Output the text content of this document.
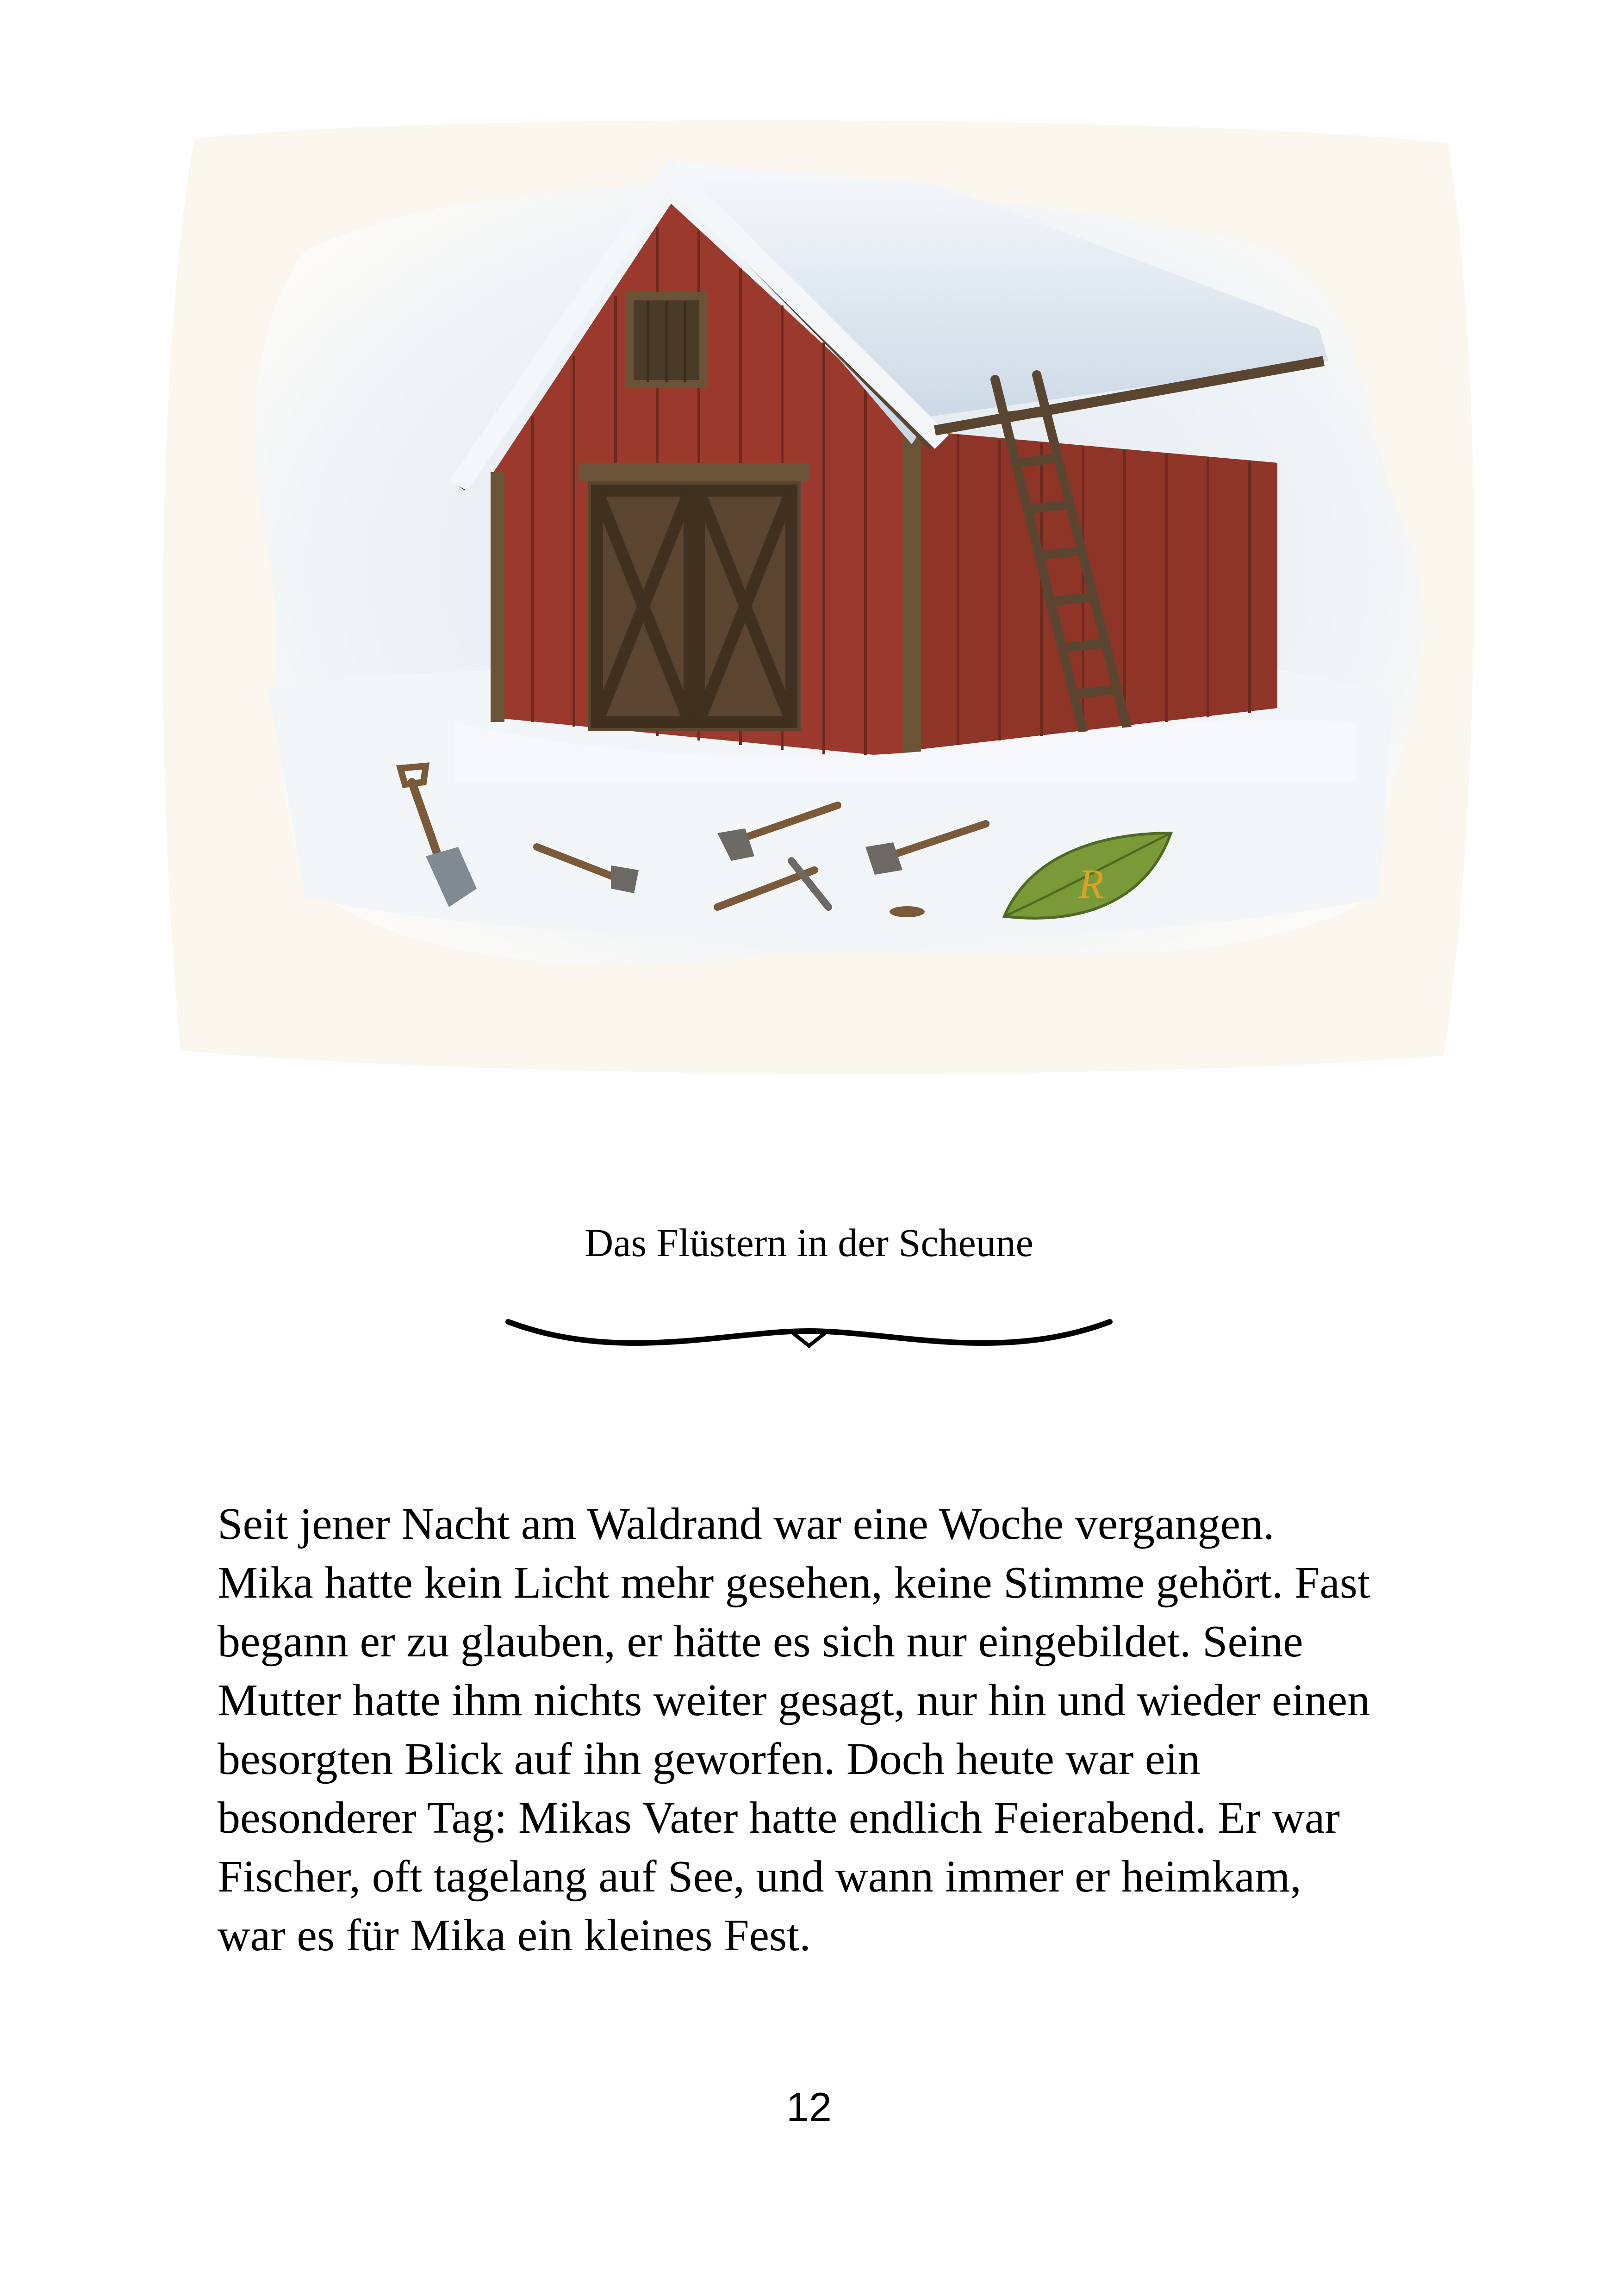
R
Das Flüstern in der Scheune

Seit jener Nacht am Waldrand war eine Woche vergangen.
Mika hatte kein Licht mehr gesehen, keine Stimme gehört. Fast
begann er zu glauben, er hätte es sich nur eingebildet. Seine
Mutter hatte ihm nichts weiter gesagt, nur hin und wieder einen
besorgten Blick auf ihn geworfen. Doch heute war ein
besonderer Tag: Mikas Vater hatte endlich Feierabend. Er war
Fischer, oft tagelang auf See, und wann immer er heimkam,
war es für Mika ein kleines Fest.

12
